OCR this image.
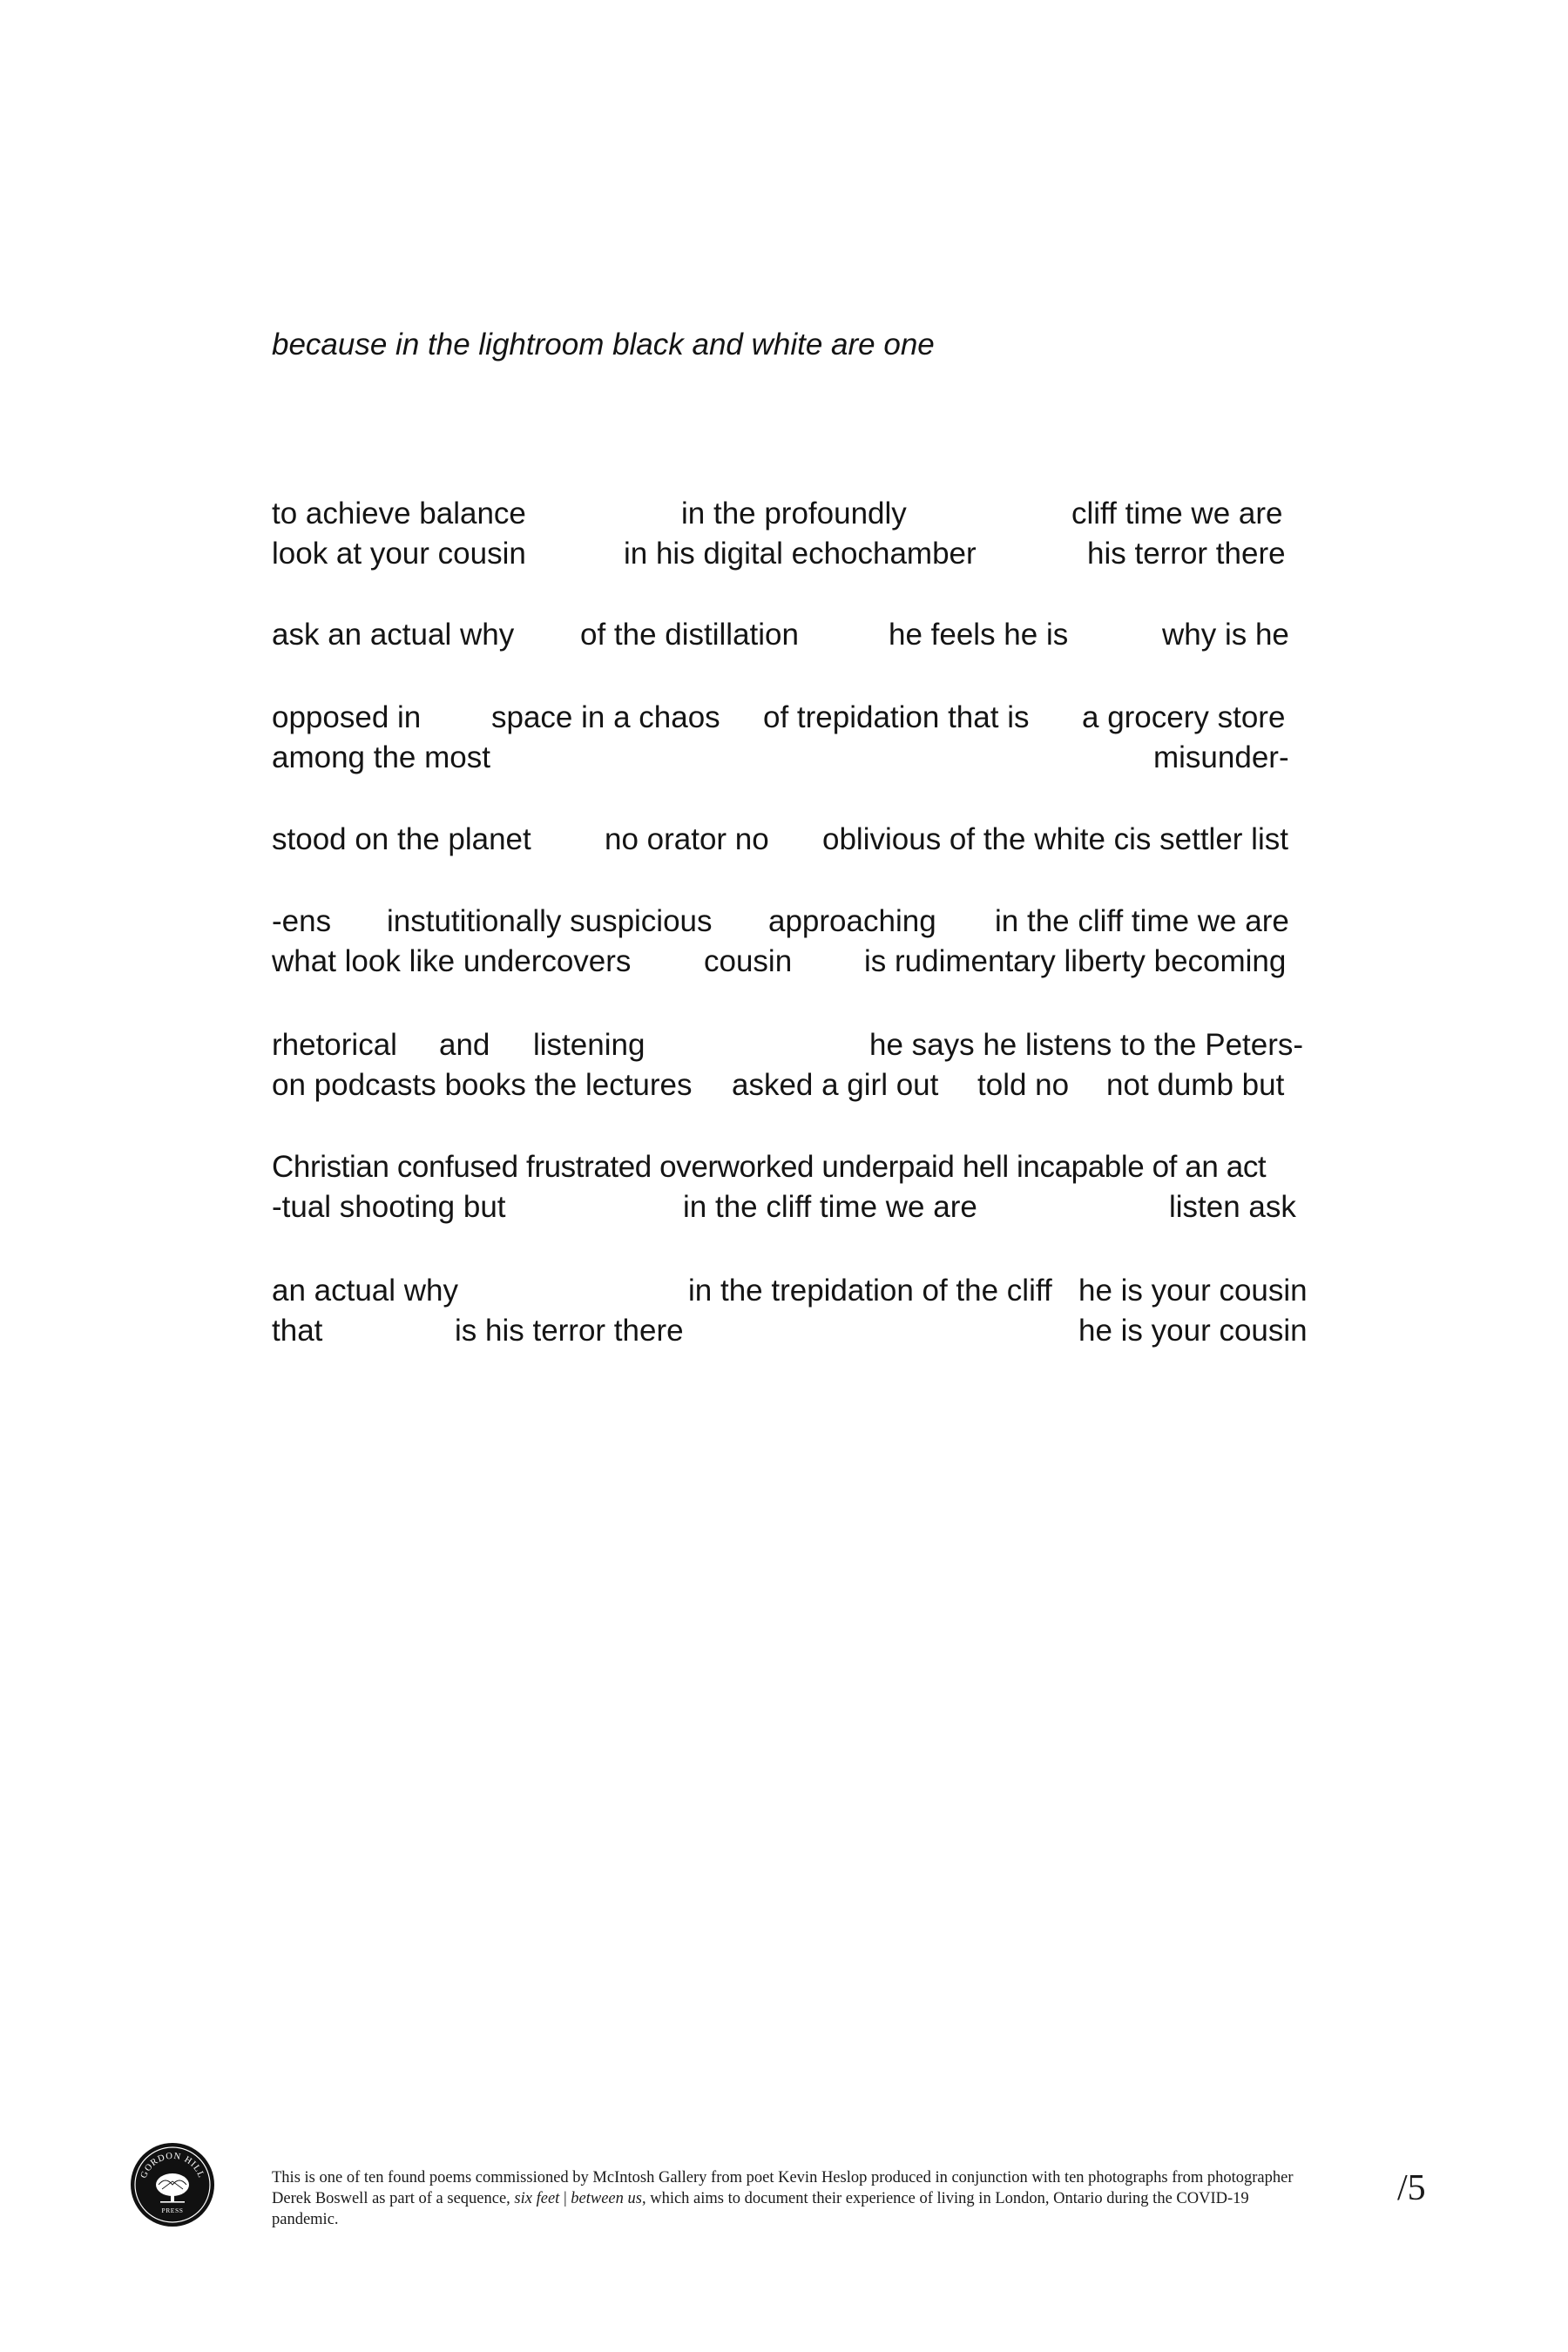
because in the lightroom black and white are one
to achieve balance	in the profoundly	cliff time we are
look at your cousin	in his digital echochamber	his terror there
ask an actual why of the distillation	he feels he is	why is he
opposed in space in a chaos of trepidation that is a grocery store
among the most	misunder-
stood on the planet no orator no oblivious of the white cis settler list
-ens instutitionally suspicious approaching in the cliff time we are
what look like undercovers cousin is rudimentary liberty becoming
rhetorical and listening	he says he listens to the Peters-
on podcasts books the lectures asked a girl out told no not dumb but
Christian confused frustrated overworked underpaid hell incapable of an act
-tual shooting but	in the cliff time we are	listen ask
an actual why	in the trepidation of the cliff he is your cousin
that	is his terror there	he is your cousin
GORDON HILL
PRESS

This is one of ten found poems commissioned by McIntosh Gallery from poet Kevin Heslop produced in conjunction with ten photographs from photographer Derek Boswell as part of a sequence, six feet | between us, which aims to document their experience of living in London, Ontario during the COVID-19 pandemic.

/5
